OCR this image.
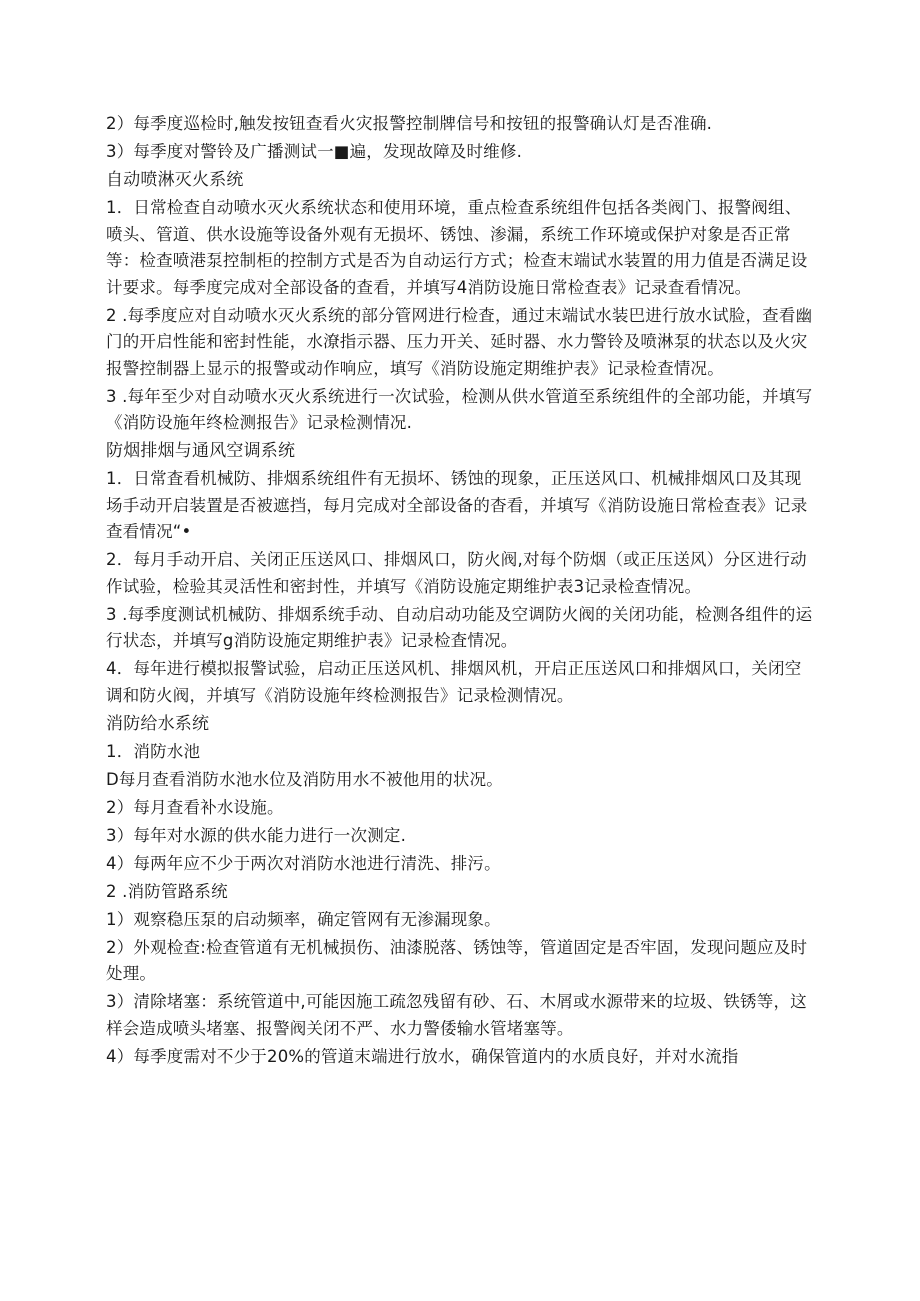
2）每季度巡检时,触发按钮查看火灾报警控制牌信号和按钮的报警确认灯是否准确.

3）每季度对警铃及广播测试一■遍，发现故障及时维修.

自动喷淋灭火系统

1．日常检查自动喷水灭火系统状态和使用环境，重点检查系统组件包括各类阀门、报警阀组、喷头、管道、供水设施等设备外观有无损坏、锈蚀、渗漏，系统工作环境或保护对象是否正常等：检查喷港泵控制柜的控制方式是否为自动运行方式；检查末端试水装置的用力值是否满足设计要求。每季度完成对全部设备的查看，并填写4消防设施日常检查表》记录查看情况。

2 .每季度应对自动喷水灭火系统的部分管网进行检査，通过末端试水装巴进行放水试脸，查看幽门的开启性能和密封性能，水潦指示器、压力开关、延时器、水力警铃及喷淋泵的状态以及火灾报警控制器上显示的报警或动作响应，填写《消防设施定期维护表》记录检查情况。

3 .每年至少对自动喷水灭火系统进行一次试验，检测从供水管道至系统组件的全部功能，并填写《消防设施年终检测报告》记录检测情况.

防烟排烟与通风空调系统

1．日常査看机械防、排烟系统组件有无损坏、锈蚀的现象，正压送风口、机械排烟风口及其现场手动开启装置是否被遮挡，每月完成对全部设备的杳看，并填写《消防设施日常检查表》记录查看情况“•

2．每月手动开启、关闭正压送风口、排烟风口，防火阀,对每个防烟（或正压送风）分区进行动作试验，检验其灵活性和密封性，并填写《消防设施定期维护表3记录检查情况。

3 .每季度测试机械防、排烟系统手动、自动启动功能及空调防火阀的关闭功能，检测各组件的运行状态，并填写g消防设施定期维护表》记录检査情况。

4．每年进行模拟报警试验，启动正压送风机、排烟风机，开启正压送风口和排烟风口，关闭空调和防火阀，并填写《消防设施年终检测报告》记录检测情况。

消防给水系统

1．消防水池

D每月查看消防水池水位及消防用水不被他用的状况。

2）每月查看补水设施。

3）每年对水源的供水能力进行一次测定.

4）每两年应不少于两次对消防水池进行清洗、排污。

2 .消防管路系统

1）观察稳压泵的启动频率，确定管网有无渗漏现象。

2）外观检查:检查管道有无机械损伤、油漆脱落、锈蚀等，管道固定是否牢固，发现问题应及时处理。

3）清除堵塞：系统管道中,可能因施工疏忽残留有砂、石、木屑或水源带来的垃圾、铁锈等，这样会造成喷头堵塞、报警阀关闭不严、水力警倭输水管堵塞等。

4）每季度需对不少于20%的管道末端进行放水，确保管道内的水质良好，并对水流指
